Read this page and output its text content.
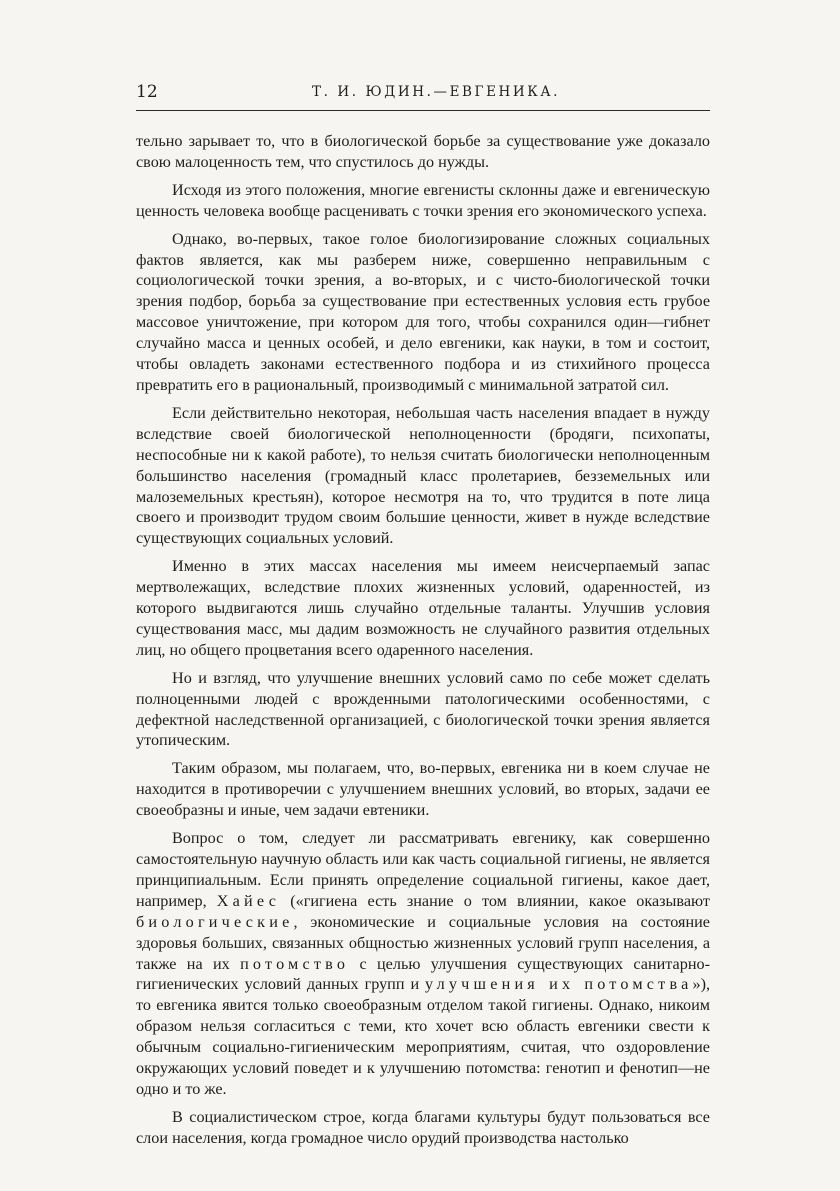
12	Т. И. ЮДИН.—ЕВГЕНИКА.

тельно зарывает то, что в биологической борьбе за существование уже доказало свою малоценность тем, что спустилось до нужды.

Исходя из этого положения, многие евгенисты склонны даже и евгеническую ценность человека вообще расценивать с точки зрения его экономического успеха.

Однако, во-первых, такое голое биологизирование сложных социальных фактов является, как мы разберем ниже, совершенно неправильным с социологической точки зрения, а во-вторых, и с чисто-биологической точки зрения подбор, борьба за существование при естественных условия есть грубое массовое уничтожение, при котором для того, чтобы сохранился один—гибнет случайно масса и ценных особей, и дело евгеники, как науки, в том и состоит, чтобы овладеть законами естественного подбора и из стихийного процесса превратить его в рациональный, производимый с минимальной затратой сил.

Если действительно некоторая, небольшая часть населения впадает в нужду вследствие своей биологической неполноценности (бродяги, психопаты, неспособные ни к какой работе), то нельзя считать биологически неполноценным большинство населения (громадный класс пролетариев, безземельных или малоземельных крестьян), которое несмотря на то, что трудится в поте лица своего и производит трудом своим большие ценности, живет в нужде вследствие существующих социальных условий.

Именно в этих массах населения мы имеем неисчерпаемый запас мертволежащих, вследствие плохих жизненных условий, одаренностей, из которого выдвигаются лишь случайно отдельные таланты. Улучшив условия существования масс, мы дадим возможность не случайного развития отдельных лиц, но общего процветания всего одаренного населения.

Но и взгляд, что улучшение внешних условий само по себе может сделать полноценными людей с врожденными патологическими особенностями, с дефектной наследственной организацией, с биологической точки зрения является утопическим.

Таким образом, мы полагаем, что, во-первых, евгеника ни в коем случае не находится в противоречии с улучшением внешних условий, во вторых, задачи ее своеобразны и иные, чем задачи евтеники.

Вопрос о том, следует ли рассматривать евгенику, как совершенно самостоятельную научную область или как часть социальной гигиены, не является принципиальным. Если принять определение социальной гигиены, какое дает, например, Хайес («гигиена есть знание о том влиянии, какое оказывают биологические, экономические и социальные условия на состояние здоровья больших, связанных общностью жизненных условий групп населения, а также на их потомство с целью улучшения существующих санитарно-гигиенических условий данных групп и улучшения их потомства»), то евгеника явится только своеобразным отделом такой гигиены. Однако, никоим образом нельзя согласиться с теми, кто хочет всю область евгеники свести к обычным социально-гигиеническим мероприятиям, считая, что оздоровление окружающих условий поведет и к улучшению потомства: генотип и фенотип—не одно и то же.

В социалистическом строе, когда благами культуры будут пользоваться все слои населения, когда громадное число орудий производства настолько
